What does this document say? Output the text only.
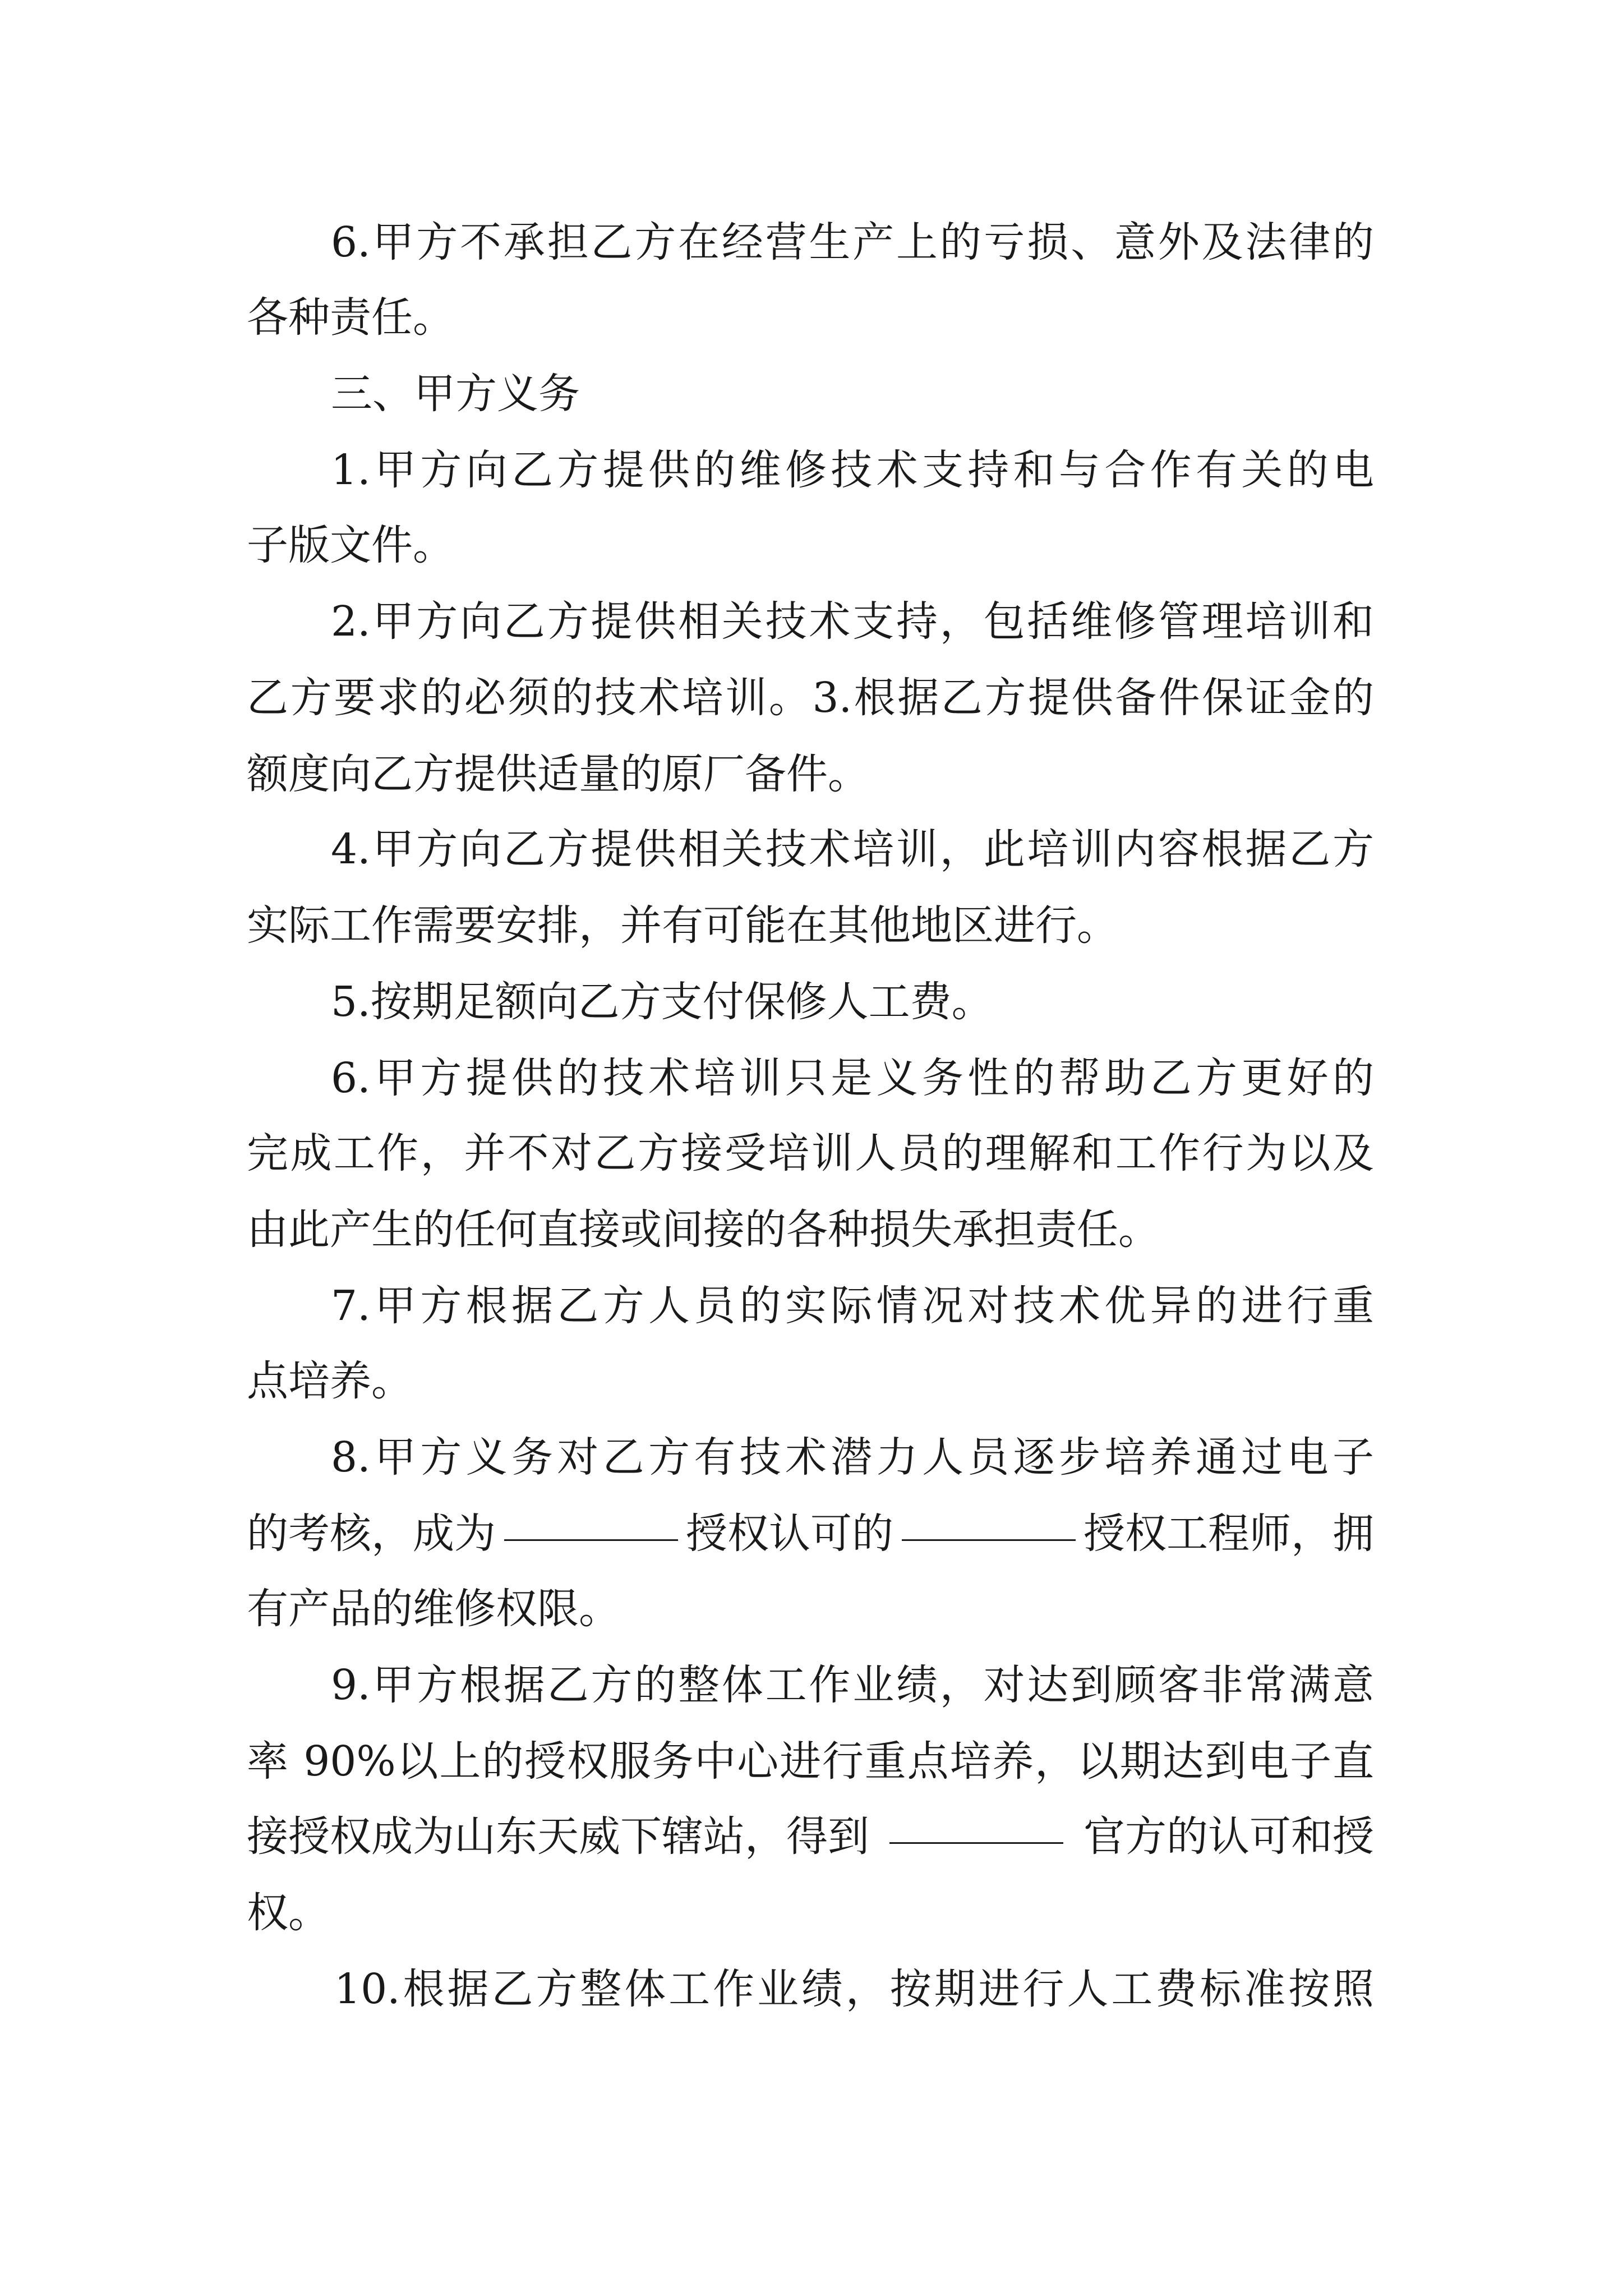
6.甲方不承担乙方在经营生产上的亏损、意外及法律的
各种责任。
三、甲方义务
1.甲方向乙方提供的维修技术支持和与合作有关的电
子版文件。
2.甲方向乙方提供相关技术支持，包括维修管理培训和
乙方要求的必须的技术培训。3.根据乙方提供备件保证金的
额度向乙方提供适量的原厂备件。
4.甲方向乙方提供相关技术培训，此培训内容根据乙方
实际工作需要安排，并有可能在其他地区进行。
5.按期足额向乙方支付保修人工费。
6.甲方提供的技术培训只是义务性的帮助乙方更好的
完成工作，并不对乙方接受培训人员的理解和工作行为以及
由此产生的任何直接或间接的各种损失承担责任。
7.甲方根据乙方人员的实际情况对技术优异的进行重
点培养。
8.甲方义务对乙方有技术潜力人员逐步培养通过电子
的考核，成为	授权认可的	授权工程师，拥
有产品的维修权限。
9.甲方根据乙方的整体工作业绩，对达到顾客非常满意
率 90%以上的授权服务中心进行重点培养，以期达到电子直
接授权成为山东天威下辖站，得到	官方的认可和授
权。
10.根据乙方整体工作业绩，按期进行人工费标准按照
